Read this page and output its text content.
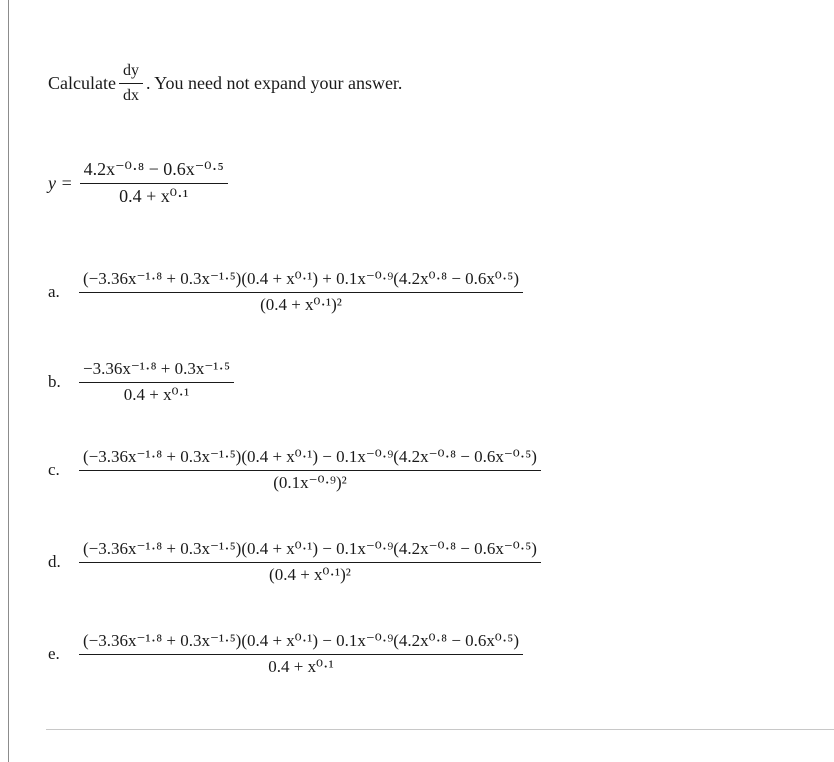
Calculate $\frac{dy}{dx}$ . You need not expand your answer.
$y = \frac{\text{4.2x⁻⁰·⁸ − 0.6x⁻⁰·⁵}}{\text{0.4 + x⁰·¹}}$
a.
(−3.36x⁻¹·⁸ + 0.3x⁻¹·⁵)(0.4 + x⁰·¹) + 0.1x⁻⁰·⁹(4.2x⁰·⁸ − 0.6x⁰·⁵)
(0.4 + x⁰·¹)²
b.	$\frac{\text{−3.36x⁻¹·⁸ + 0.3x⁻¹·⁵}}{\text{0.4 + x⁰·¹}}$
c.
(−3.36x⁻¹·⁸ + 0.3x⁻¹·⁵)(0.4 + x⁰·¹) − 0.1x⁻⁰·⁹(4.2x⁻⁰·⁸ − 0.6x⁻⁰·⁵)
(0.1x⁻⁰·⁹)²
d.
(−3.36x⁻¹·⁸ + 0.3x⁻¹·⁵)(0.4 + x⁰·¹) − 0.1x⁻⁰·⁹(4.2x⁻⁰·⁸ − 0.6x⁻⁰·⁵)
(0.4 + x⁰·¹)²
e.
(−3.36x⁻¹·⁸ + 0.3x⁻¹·⁵)(0.4 + x⁰·¹) − 0.1x⁻⁰·⁹(4.2x⁰·⁸ − 0.6x⁰·⁵)
0.4 + x⁰·¹
